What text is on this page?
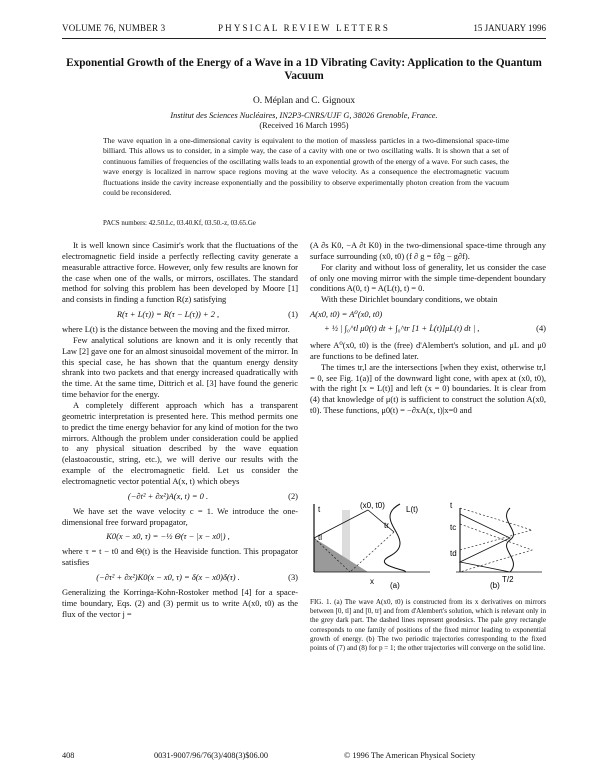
VOLUME 76, NUMBER 3	PHYSICAL REVIEW LETTERS	15 JANUARY 1996
Exponential Growth of the Energy of a Wave in a 1D Vibrating Cavity: Application to the Quantum Vacuum
O. Méplan and C. Gignoux
Institut des Sciences Nucléaires, IN2P3-CNRS/UJF G, 38026 Grenoble, France.
(Received 16 March 1995)
The wave equation in a one-dimensional cavity is equivalent to the motion of massless particles in a two-dimensional space-time billiard. This allows us to consider, in a simple way, the case of a cavity with one or two oscillating walls. It is shown that a set of continuous families of frequencies of the oscillating walls leads to an exponential growth of the energy of a wave. For such cases, the wave energy is localized in narrow space regions moving at the wave velocity. As a consequence the electromagnetic vacuum fluctuations inside the cavity increase exponentially and the possibility to observe experimentally photon creation from the vacuum could be reconsidered.
PACS numbers: 42.50.Lc, 03.40.Kf, 03.50.-z, 03.65.Ge

It is well known since Casimir's work that the fluctuations of the electromagnetic field inside a perfectly reflecting cavity generate a measurable attractive force. However, only few results are known for the case when one of the walls, or mirrors, oscillates. The standard method for solving this problem has been developed by Moore [1] and consists in finding a function R(z) satisfying

R(τ + L(τ)) = R(τ − L(τ)) + 2 ,	(1)

where L(t) is the distance between the moving and the fixed mirror.

Few analytical solutions are known and it is only recently that Law [2] gave one for an almost sinusoidal movement of the mirror. In this special case, he has shown that the quantum energy density shrank into two packets and that energy increased quadratically with the time. At the same time, Dittrich et al. [3] have found the generic time behavior for the energy.

A completely different approach which has a transparent geometric interpretation is presented here. This method permits one to predict the time energy behavior for any kind of motion for the two mirrors. Although the problem under consideration could be applied to any physical situation described by the wave equation (elastoacoustic, string, etc.), we will derive our results with the example of the electromagnetic field. Let us consider the electromagnetic vector potential A(x, t) which obeys

(−∂t² + ∂x²)A(x, t) = 0 .	(2)

We have set the wave velocity c = 1. We introduce the one-dimensional free forward propagator,

K0(x − x0, τ) = −½ Θ(τ − |x − x0|) ,

where τ = t − t0 and Θ(t) is the Heaviside function. This propagator satisfies

(−∂τ² + ∂x²)K0(x − x0, τ) = δ(x − x0)δ(τ) .	(3)

Generalizing the Korringa-Kohn-Rostoker method [4] for a space-time boundary, Eqs. (2) and (3) permit us to write A(x0, t0) as the flux of the vector j =

(A ∂s K0, −A ∂t K0) in the two-dimensional space-time through any surface surrounding (x0, t0) (f ∂ g = f∂g − g∂f).

For clarity and without loss of generality, let us consider the case of only one moving mirror with the simple time-dependent boundary conditions A(0, t) = A(L(t), t) = 0.

With these Dirichlet boundary conditions, we obtain

A(x0, t0) = A⁰(x0, t0)
+ ½ | ∫₀^tl μ0(t) dt + ∫₀^tr [1 + L̇(t)]μL(t) dt | ,	(4)

where A⁰(x0, t0) is the (free) d'Alembert's solution, and μL and μ0 are functions to be defined later.

The times tr,l are the intersections [when they exist, otherwise tr,l = 0, see Fig. 1(a)] of the downward light cone, with apex at (x0, t0), with the right [x = L(t)] and left (x = 0) boundaries. It is clear from (4) that knowledge of μ(t) is sufficient to construct the solution A(x0, t0). These functions, μ0(t) = −∂xA(x, t)|x=0 and

t	(x0, t0)	L(t)
tl
tr
x (a)
t
tc
td
T/2
(b)
FIG. 1. (a) The wave A(x0, t0) is constructed from its x derivatives on mirrors between [0, tl] and [0, tr] and from d'Alembert's solution, which is relevant only in the grey dark part. The dashed lines represent geodesics. The pale grey rectangle corresponds to one family of positions of the fixed mirror leading to exponential growth of energy. (b) The two periodic trajectories corresponding to the fixed points of (7) and (8) for p = 1; the other trajectories will converge on the solid line.
408	0031-9007/96/76(3)/408(3)$06.00	© 1996 The American Physical Society
